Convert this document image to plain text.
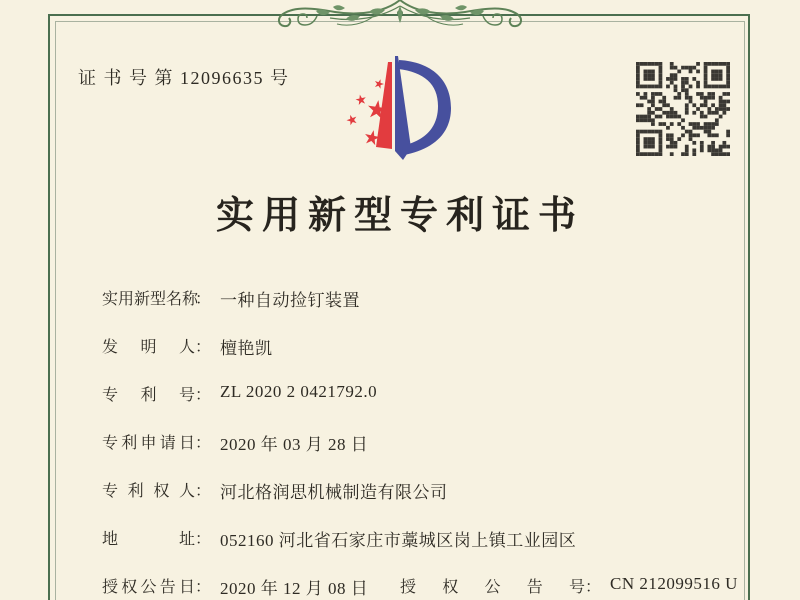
证 书 号 第 12096635 号
实用新型专利证书
实用新型名称
： 一种自动捡钉装置
发明人 ： 檀艳凯
专利号 ： ZL 2020 2 0421792.0
专利申请日 ： 2020 年 03 月 28 日
专利权人 ： 河北格润思机械制造有限公司
地址 ： 052160 河北省石家庄市藁城区岗上镇工业园区
授权公告日 ： 2020 年 12 月 08 日 授权公告号 ： CN 212099516 U
